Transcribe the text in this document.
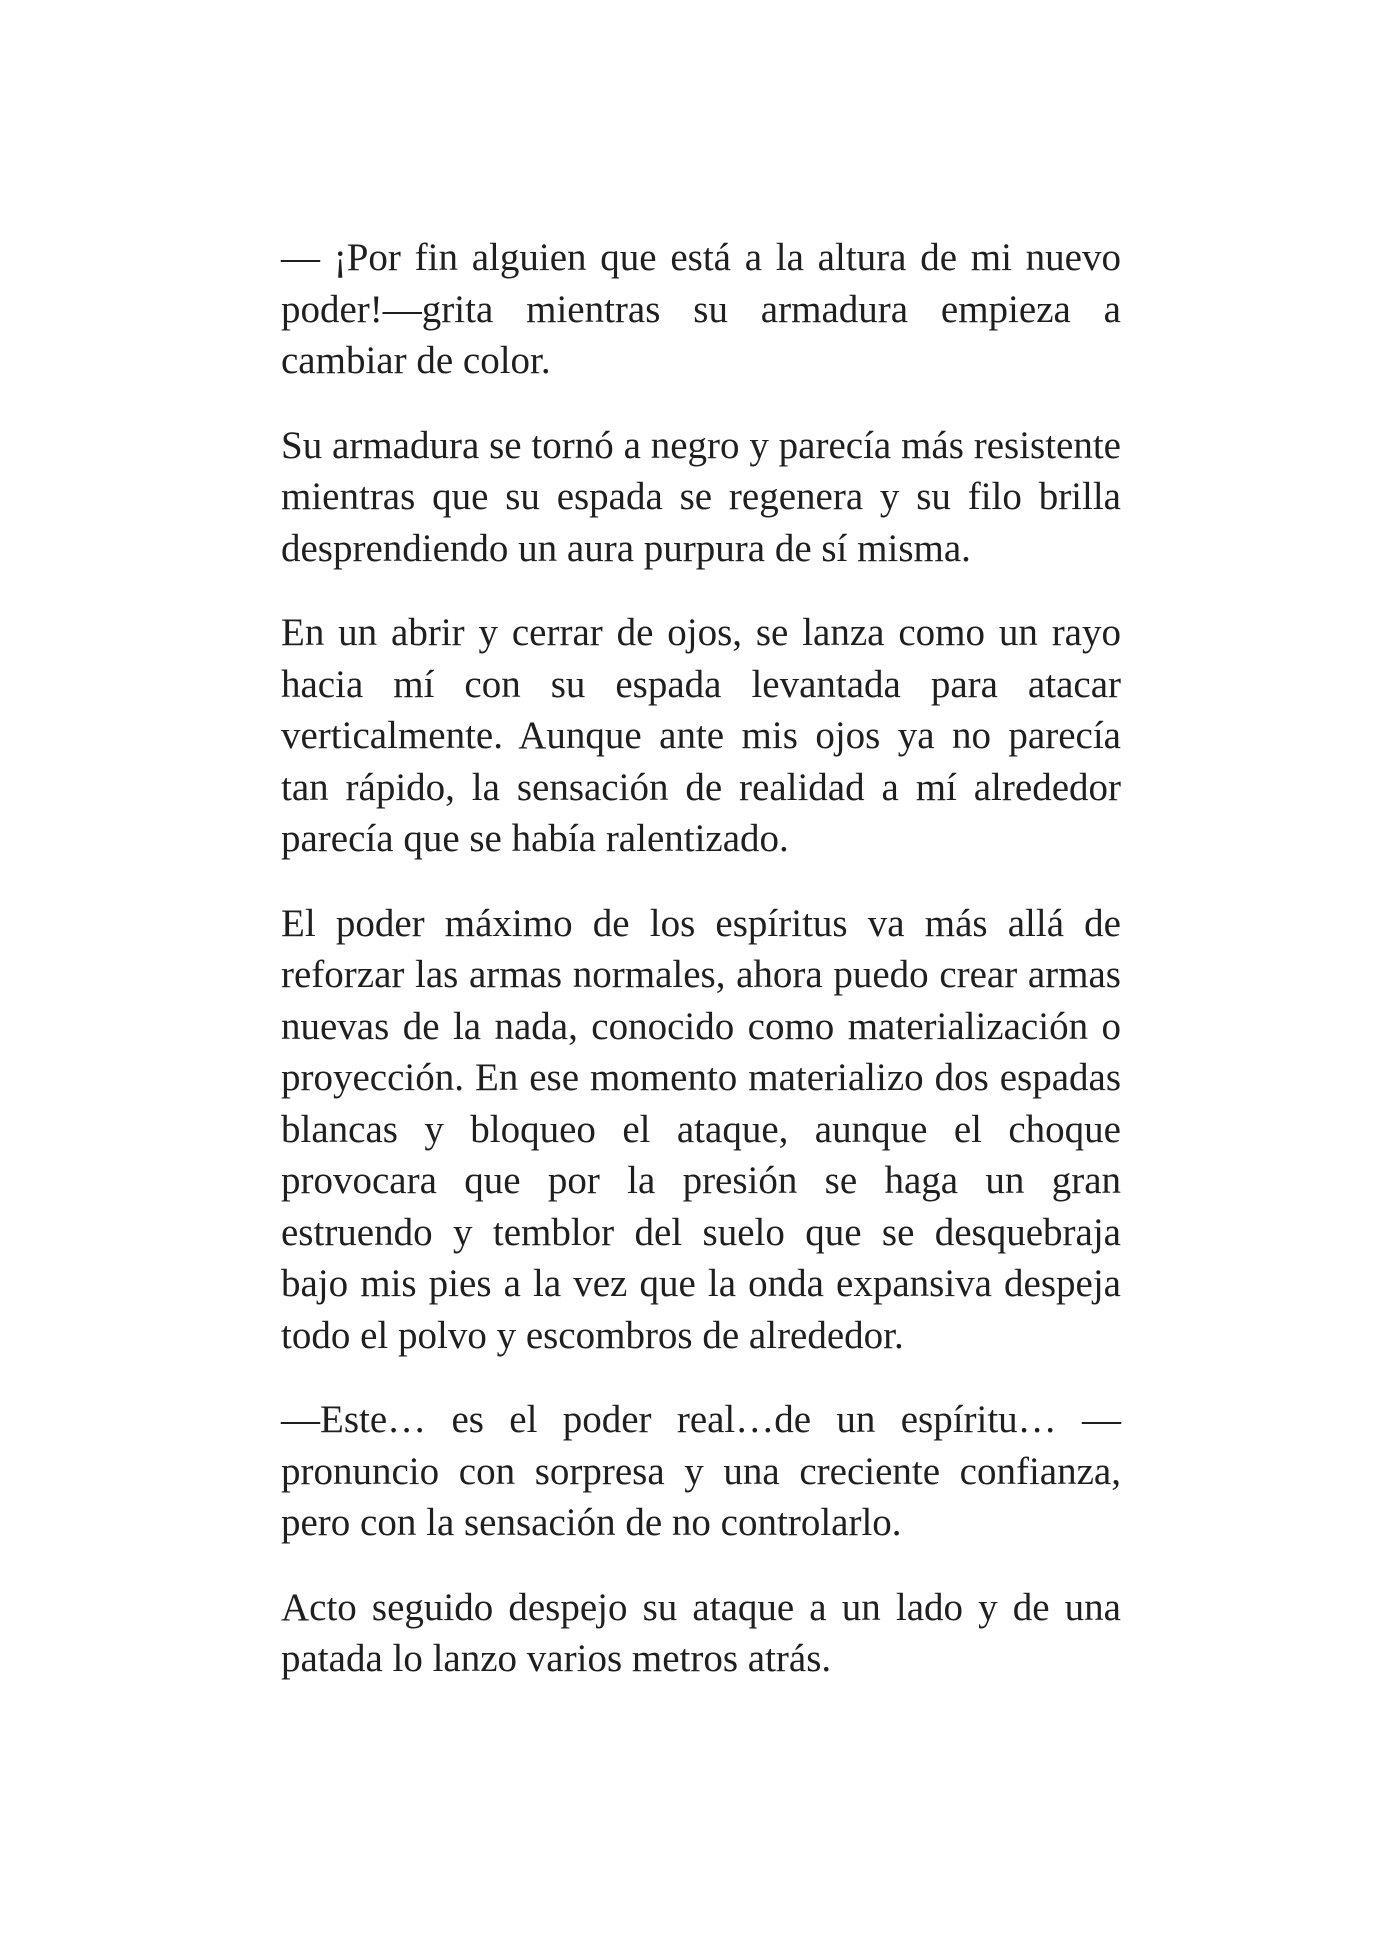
— ¡Por fin alguien que está a la altura de mi nuevo poder!—grita mientras su armadura empieza a cambiar de color.

Su armadura se tornó a negro y parecía más resistente mientras que su espada se regenera y su filo brilla desprendiendo un aura purpura de sí misma.

En un abrir y cerrar de ojos, se lanza como un rayo hacia mí con su espada levantada para atacar verticalmente. Aunque ante mis ojos ya no parecía tan rápido, la sensación de realidad a mí alrededor parecía que se había ralentizado.

El poder máximo de los espíritus va más allá de reforzar las armas normales, ahora puedo crear armas nuevas de la nada, conocido como materialización o proyección. En ese momento materializo dos espadas blancas y bloqueo el ataque, aunque el choque provocara que por la presión se haga un gran estruendo y temblor del suelo que se desquebraja bajo mis pies a la vez que la onda expansiva despeja todo el polvo y escombros de alrededor.

—Este… es el poder real…de un espíritu… —pronuncio con sorpresa y una creciente confianza, pero con la sensación de no controlarlo.

Acto seguido despejo su ataque a un lado y de una patada lo lanzo varios metros atrás.
